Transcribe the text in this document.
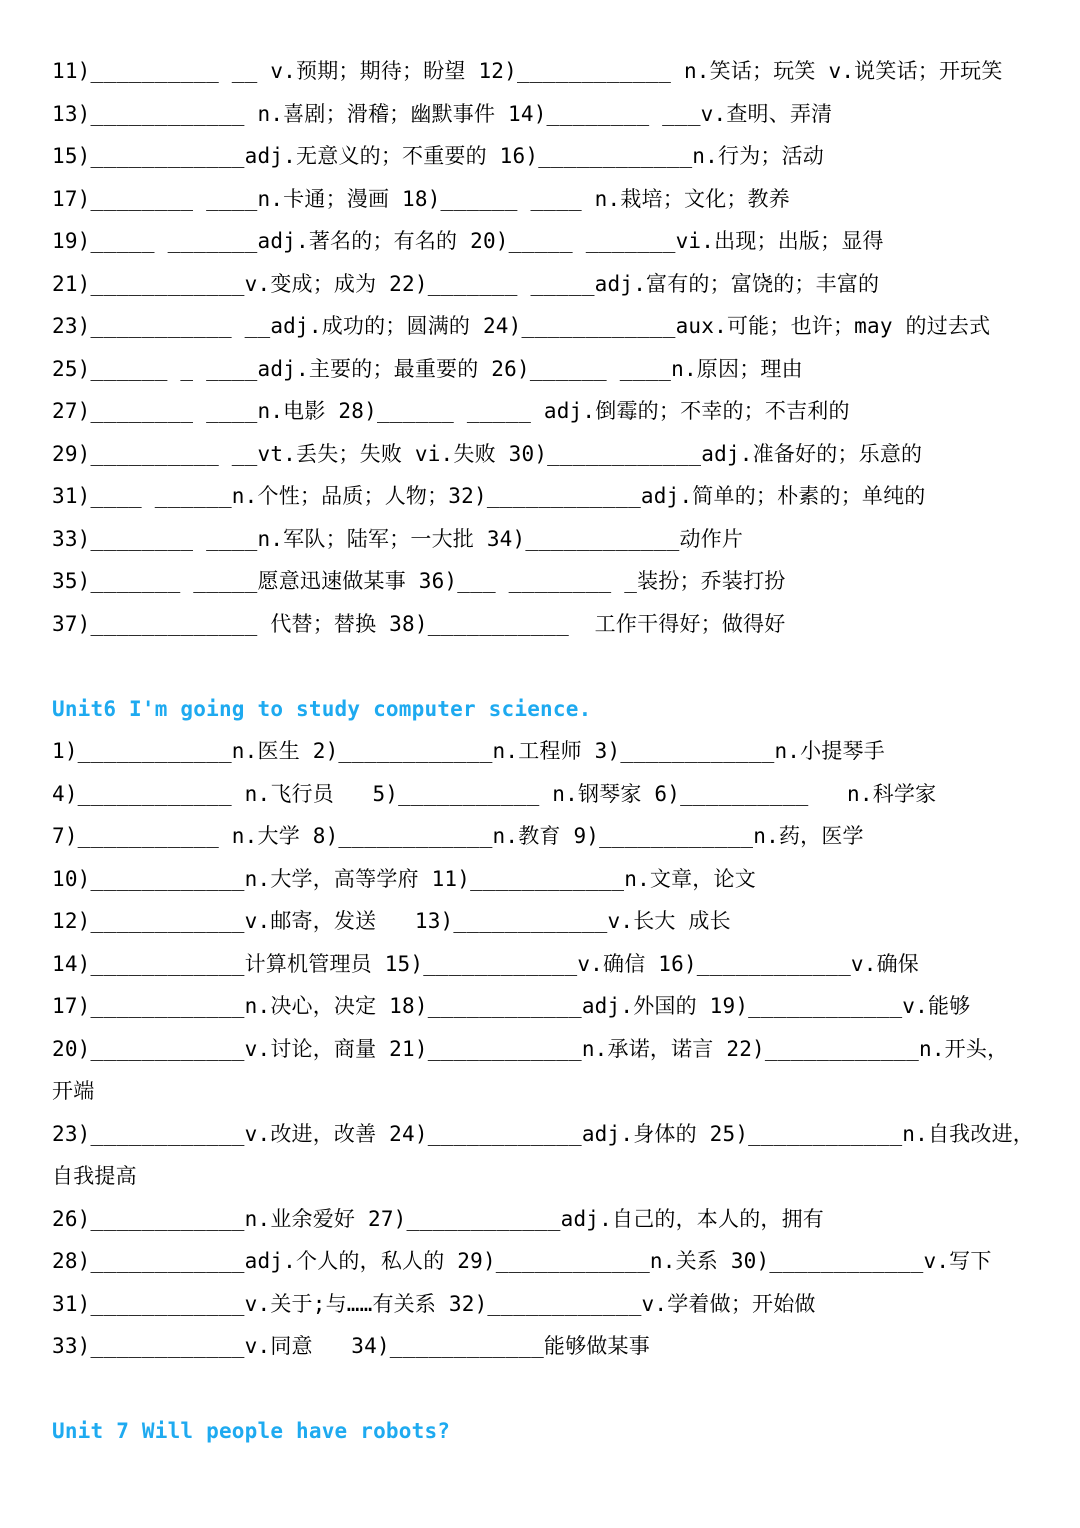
11)__________ __ v.预期；期待；盼望 12)____________ n.笑话；玩笑 v.说笑话；开玩笑

13)____________ n.喜剧；滑稽；幽默事件 14)________ ___v.查明、弄清

15)____________adj.无意义的；不重要的 16)____________n.行为；活动

17)________ ____n.卡通；漫画 18)______ ____ n.栽培；文化；教养

19)_____ _______adj.著名的；有名的 20)_____ _______vi.出现；出版；显得

21)____________v.变成；成为 22)_______ _____adj.富有的；富饶的；丰富的

23)___________ __adj.成功的；圆满的 24)____________aux.可能；也许；may 的过去式

25)______ _ ____adj.主要的；最重要的 26)______ ____n.原因；理由

27)________ ____n.电影 28)______ _____ adj.倒霉的；不幸的；不吉利的

29)__________ __vt.丢失；失败 vi.失败 30)____________adj.准备好的；乐意的

31)____ ______n.个性；品质；人物；32)____________adj.简单的；朴素的；单纯的

33)________ ____n.军队；陆军；一大批 34)____________动作片

35)_______ _____愿意迅速做某事 36)___ ________ _装扮；乔装打扮

37)_____________ 代替；替换 38)___________  工作干得好；做得好

Unit6 I'm going to study computer science.

1)____________n.医生 2)____________n.工程师 3)____________n.小提琴手

4)____________ n.飞行员   5)___________ n.钢琴家 6)__________   n.科学家

7)___________ n.大学 8)____________n.教育 9)____________n.药，医学

10)____________n.大学，高等学府 11)____________n.文章，论文

12)____________v.邮寄，发送   13)____________v.长大 成长

14)____________计算机管理员 15)____________v.确信 16)____________v.确保

17)____________n.决心，决定 18)____________adj.外国的 19)____________v.能够

20)____________v.讨论，商量 21)____________n.承诺，诺言 22)____________n.开头，

开端

23)____________v.改进，改善 24)____________adj.身体的 25)____________n.自我改进，

自我提高

26)____________n.业余爱好 27)____________adj.自己的，本人的，拥有

28)____________adj.个人的，私人的 29)____________n.关系 30)____________v.写下

31)____________v.关于;与……有关系 32)____________v.学着做；开始做

33)____________v.同意   34)____________能够做某事

Unit 7 Will people have robots?
